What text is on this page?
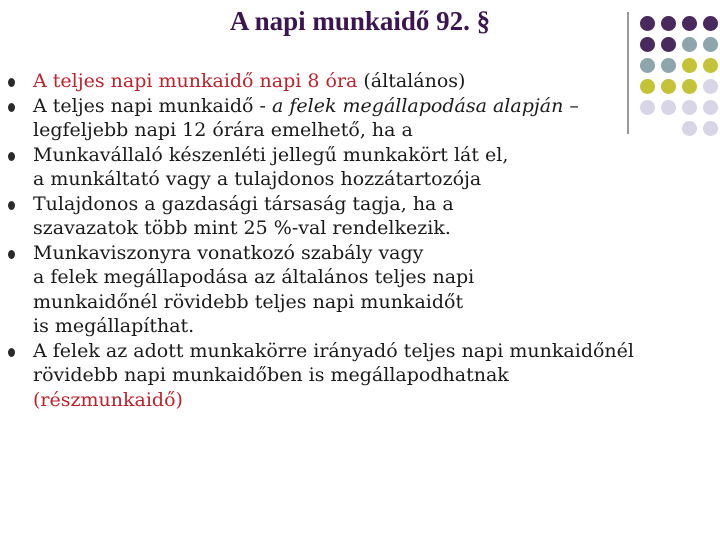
A napi munkaidő 92. §
A teljes napi munkaidő napi 8 óra (általános)
A teljes napi munkaidő - a felek megállapodása alapján –
legfeljebb napi 12 órára emelhető, ha a
Munkavállaló készenléti jellegű munkakört lát el,
a munkáltató vagy a tulajdonos hozzátartozója
Tulajdonos a gazdasági társaság tagja, ha a
szavazatok több mint 25 %-val rendelkezik.
Munkaviszonyra vonatkozó szabály vagy
a felek megállapodása az általános teljes napi
munkaidőnél rövidebb teljes napi munkaidőt
is megállapíthat.
A felek az adott munkakörre irányadó teljes napi munkaidőnél
rövidebb napi munkaidőben is megállapodhatnak
(részmunkaidő)
